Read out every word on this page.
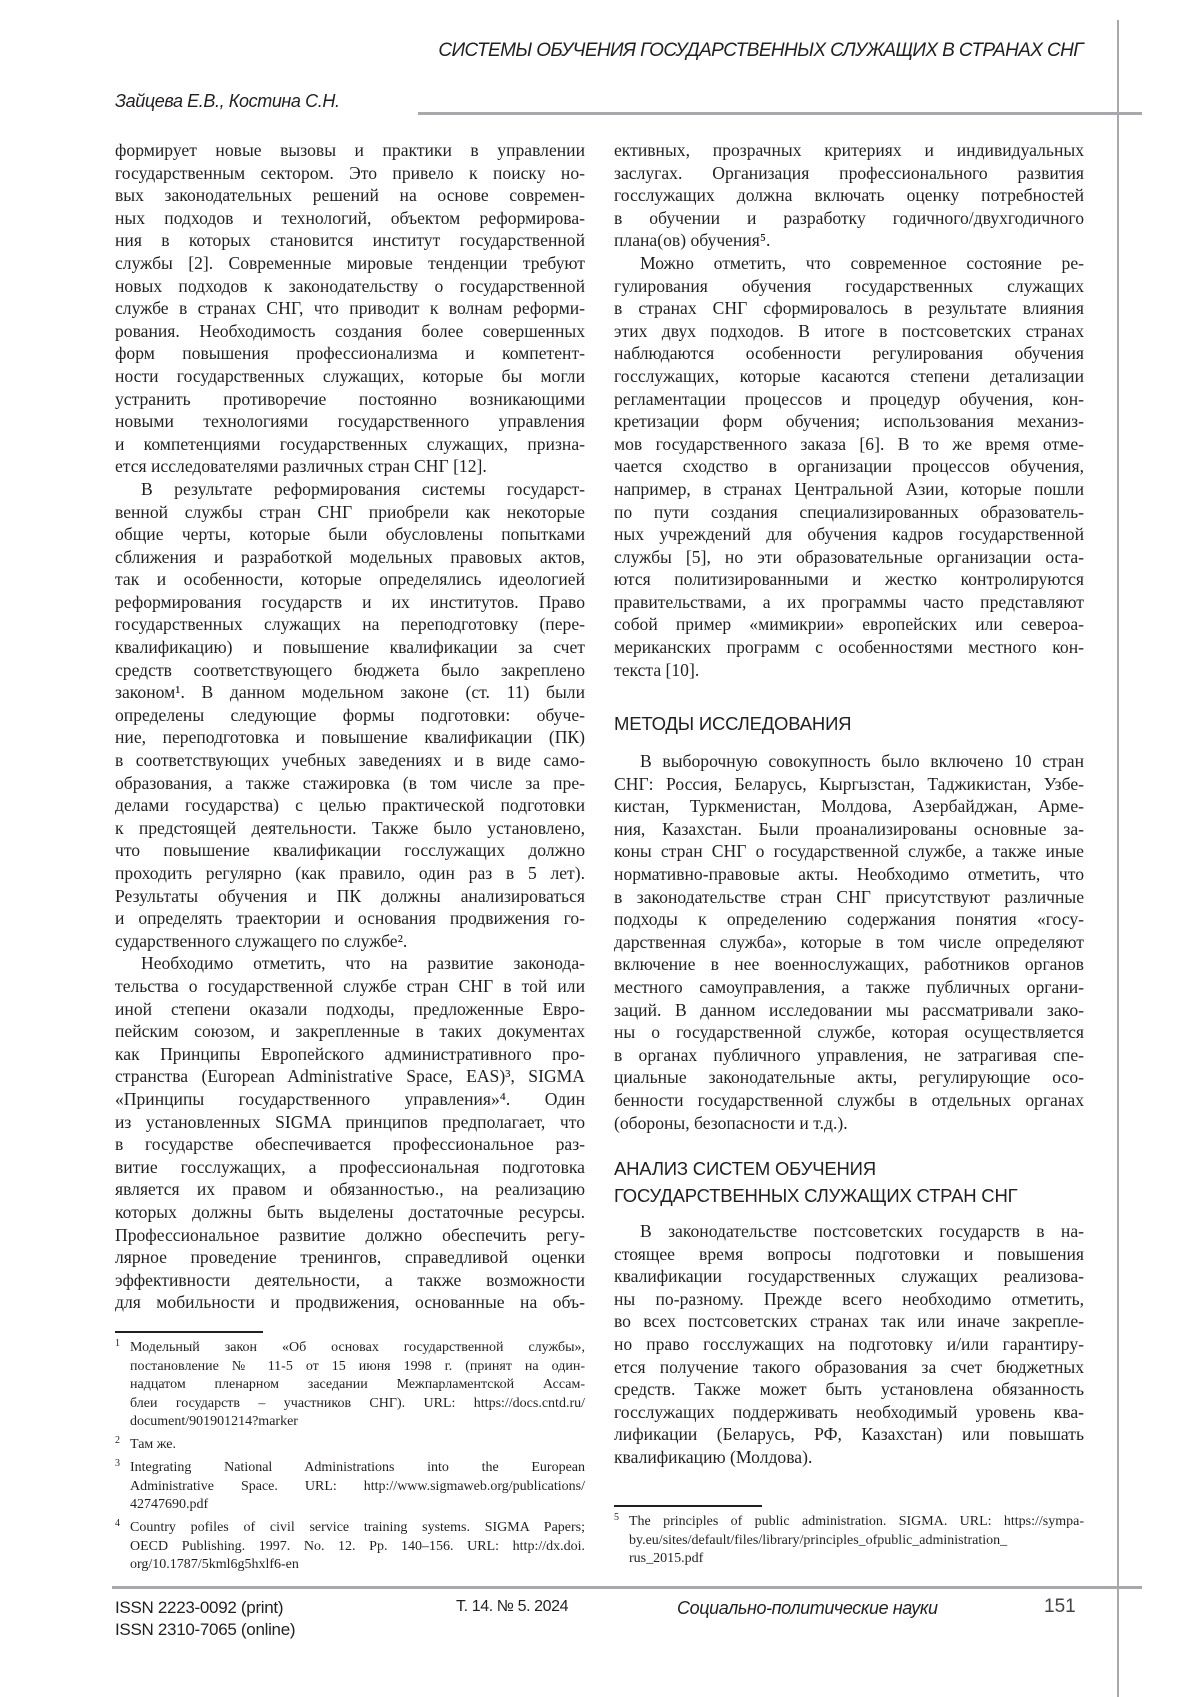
СИСТЕМЫ ОБУЧЕНИЯ ГОСУДАРСТВЕННЫХ СЛУЖАЩИХ В СТРАНАХ СНГ
Зайцева Е.В., Костина С.Н.
формирует новые вызовы и практики в управлении
государственным сектором. Это привело к поиску но-
вых законодательных решений на основе современ-
ных подходов и технологий, объектом реформирова-
ния в которых становится институт государственной
службы [2]. Современные мировые тенденции требуют
новых подходов к законодательству о государственной
службе в странах СНГ, что приводит к волнам реформи-
рования. Необходимость создания более совершенных
форм повышения профессионализма и компетент-
ности государственных служащих, которые бы могли
устранить противоречие постоянно возникающими
новыми технологиями государственного управления
и компетенциями государственных служащих, призна-
ется исследователями различных стран СНГ [12].
В результате реформирования системы государст-
венной службы стран СНГ приобрели как некоторые
общие черты, которые были обусловлены попытками
сближения и разработкой модельных правовых актов,
так и особенности, которые определялись идеологией
реформирования государств и их институтов. Право
государственных служащих на переподготовку (пере-
квалификацию) и повышение квалификации за счет
средств соответствующего бюджета было закреплено
законом¹. В данном модельном законе (ст. 11) были
определены следующие формы подготовки: обуче-
ние, переподготовка и повышение квалификации (ПК)
в соответствующих учебных заведениях и в виде само-
образования, а также стажировка (в том числе за пре-
делами государства) с целью практической подготовки
к предстоящей деятельности. Также было установлено,
что повышение квалификации госслужащих должно
проходить регулярно (как правило, один раз в 5 лет).
Результаты обучения и ПК должны анализироваться
и определять траектории и основания продвижения го-
сударственного служащего по службе².
Необходимо отметить, что на развитие законода-
тельства о государственной службе стран СНГ в той или
иной степени оказали подходы, предложенные Евро-
пейским союзом, и закрепленные в таких документах
как Принципы Европейского административного про-
странства (European Administrative Space, EAS)³, SIGMA
«Принципы государственного управления»⁴. Один
из установленных SIGMA принципов предполагает, что
в государстве обеспечивается профессиональное раз-
витие госслужащих, а профессиональная подготовка
является их правом и обязанностью., на реализацию
которых должны быть выделены достаточные ресурсы.
Профессиональное развитие должно обеспечить регу-
лярное проведение тренингов, справедливой оценки
эффективности деятельности, а также возможности
для мобильности и продвижения, основанные на объ-
ективных, прозрачных критериях и индивидуальных
заслугах. Организация профессионального развития
госслужащих должна включать оценку потребностей
в обучении и разработку годичного/двухгодичного
плана(ов) обучения⁵.
Можно отметить, что современное состояние ре-
гулирования обучения государственных служащих
в странах СНГ сформировалось в результате влияния
этих двух подходов. В итоге в постсоветских странах
наблюдаются особенности регулирования обучения
госслужащих, которые касаются степени детализации
регламентации процессов и процедур обучения, кон-
кретизации форм обучения; использования механиз-
мов государственного заказа [6]. В то же время отме-
чается сходство в организации процессов обучения,
например, в странах Центральной Азии, которые пошли
по пути создания специализированных образователь-
ных учреждений для обучения кадров государственной
службы [5], но эти образовательные организации оста-
ются политизированными и жестко контролируются
правительствами, а их программы часто представляют
собой пример «мимикрии» европейских или североа-
мериканских программ с особенностями местного кон-
текста [10].
МЕТОДЫ ИССЛЕДОВАНИЯ
В выборочную совокупность было включено 10 стран
СНГ: Россия, Беларусь, Кыргызстан, Таджикистан, Узбе-
кистан, Туркменистан, Молдова, Азербайджан, Арме-
ния, Казахстан. Были проанализированы основные за-
коны стран СНГ о государственной службе, а также иные
нормативно-правовые акты. Необходимо отметить, что
в законодательстве стран СНГ присутствуют различные
подходы к определению содержания понятия «госу-
дарственная служба», которые в том числе определяют
включение в нее военнослужащих, работников органов
местного самоуправления, а также публичных органи-
заций. В данном исследовании мы рассматривали зако-
ны о государственной службе, которая осуществляется
в органах публичного управления, не затрагивая спе-
циальные законодательные акты, регулирующие осо-
бенности государственной службы в отдельных органах
(обороны, безопасности и т.д.).
АНАЛИЗ СИСТЕМ ОБУЧЕНИЯ
ГОСУДАРСТВЕННЫХ СЛУЖАЩИХ СТРАН СНГ
В законодательстве постсоветских государств в на-
стоящее время вопросы подготовки и повышения
квалификации государственных служащих реализова-
ны по-разному. Прежде всего необходимо отметить,
во всех постсоветских странах так или иначе закрепле-
но право госслужащих на подготовку и/или гарантиру-
ется получение такого образования за счет бюджетных
средств. Также может быть установлена обязанность
госслужащих поддерживать необходимый уровень ква-
лификации (Беларусь, РФ, Казахстан) или повышать
квалификацию (Молдова).
1 Модельный закон «Об основах государственной службы»,
постановление № 11-5 от 15 июня 1998 г. (принят на один-
надцатом пленарном заседании Межпарламентской Ассам-
блеи государств – участников СНГ). URL: https://docs.cntd.ru/
document/901901214?marker
2 Там же.
3 Integrating National Administrations into the European
Administrative Space. URL: http://www.sigmaweb.org/publications/
42747690.pdf
4 Country pofiles of civil service training systems. SIGMA Papers;
OECD Publishing. 1997. No. 12. Pp. 140–156. URL: http://dx.doi.
org/10.1787/5kml6g5hxlf6-en
5 The principles of public administration. SIGMA. URL: https://sympa-
by.eu/sites/default/files/library/principles_ofpublic_administration_
rus_2015.pdf
ISSN 2223-0092 (print)
ISSN 2310-7065 (online)
Т. 14. № 5. 2024	Социально-политические науки	151
